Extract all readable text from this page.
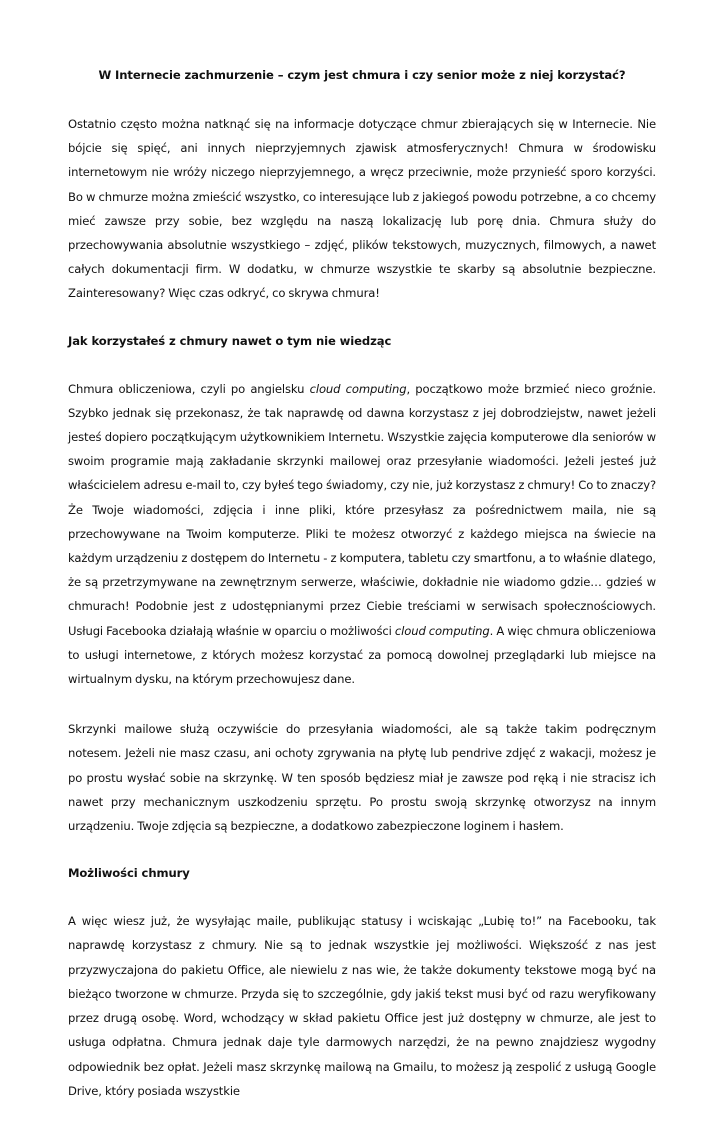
W Internecie zachmurzenie – czym jest chmura i czy senior może z niej korzystać?

Ostatnio często można natknąć się na informacje dotyczące chmur zbierających się w Internecie. Nie bójcie się spięć, ani innych nieprzyjemnych zjawisk atmosferycznych! Chmura w środowisku internetowym nie wróży niczego nieprzyjemnego, a wręcz przeciwnie, może przynieść sporo korzyści. Bo w chmurze można zmieścić wszystko, co interesujące lub z jakiegoś powodu potrzebne, a co chcemy mieć zawsze przy sobie, bez względu na naszą lokalizację lub porę dnia. Chmura służy do przechowywania absolutnie wszystkiego – zdjęć, plików tekstowych, muzycznych, filmowych, a nawet całych dokumentacji firm. W dodatku, w chmurze wszystkie te skarby są absolutnie bezpieczne. Zainteresowany? Więc czas odkryć, co skrywa chmura!

Jak korzystałeś z chmury nawet o tym nie wiedząc

Chmura obliczeniowa, czyli po angielsku cloud computing, początkowo może brzmieć nieco groźnie. Szybko jednak się przekonasz, że tak naprawdę od dawna korzystasz z jej dobrodziejstw, nawet jeżeli jesteś dopiero początkującym użytkownikiem Internetu. Wszystkie zajęcia komputerowe dla seniorów w swoim programie mają zakładanie skrzynki mailowej oraz przesyłanie wiadomości. Jeżeli jesteś już właścicielem adresu e-mail to, czy byłeś tego świadomy, czy nie, już korzystasz z chmury! Co to znaczy? Że Twoje wiadomości, zdjęcia i inne pliki, które przesyłasz za pośrednictwem maila, nie są przechowywane na Twoim komputerze. Pliki te możesz otworzyć z każdego miejsca na świecie na każdym urządzeniu z dostępem do Internetu - z komputera, tabletu czy smartfonu, a to właśnie dlatego, że są przetrzymywane na zewnętrznym serwerze, właściwie, dokładnie nie wiadomo gdzie… gdzieś w chmurach! Podobnie jest z udostępnianymi przez Ciebie treściami w serwisach społecznościowych. Usługi Facebooka działają właśnie w oparciu o możliwości cloud computing. A więc chmura obliczeniowa to usługi internetowe, z których możesz korzystać za pomocą dowolnej przeglądarki lub miejsce na wirtualnym dysku, na którym przechowujesz dane.

Skrzynki mailowe służą oczywiście do przesyłania wiadomości, ale są także takim podręcznym notesem. Jeżeli nie masz czasu, ani ochoty zgrywania na płytę lub pendrive zdjęć z wakacji, możesz je po prostu wysłać sobie na skrzynkę. W ten sposób będziesz miał je zawsze pod ręką i nie stracisz ich nawet przy mechanicznym uszkodzeniu sprzętu. Po prostu swoją skrzynkę otworzysz na innym urządzeniu. Twoje zdjęcia są bezpieczne, a dodatkowo zabezpieczone loginem i hasłem.

Możliwości chmury

A więc wiesz już, że wysyłając maile, publikując statusy i wciskając „Lubię to!” na Facebooku, tak naprawdę korzystasz z chmury. Nie są to jednak wszystkie jej możliwości. Większość z nas jest przyzwyczajona do pakietu Office, ale niewielu z nas wie, że także dokumenty tekstowe mogą być na bieżąco tworzone w chmurze. Przyda się to szczególnie, gdy jakiś tekst musi być od razu weryfikowany przez drugą osobę. Word, wchodzący w skład pakietu Office jest już dostępny w chmurze, ale jest to usługa odpłatna. Chmura jednak daje tyle darmowych narzędzi, że na pewno znajdziesz wygodny odpowiednik bez opłat. Jeżeli masz skrzynkę mailową na Gmailu, to możesz ją zespolić z usługą Google Drive, który posiada wszystkie
